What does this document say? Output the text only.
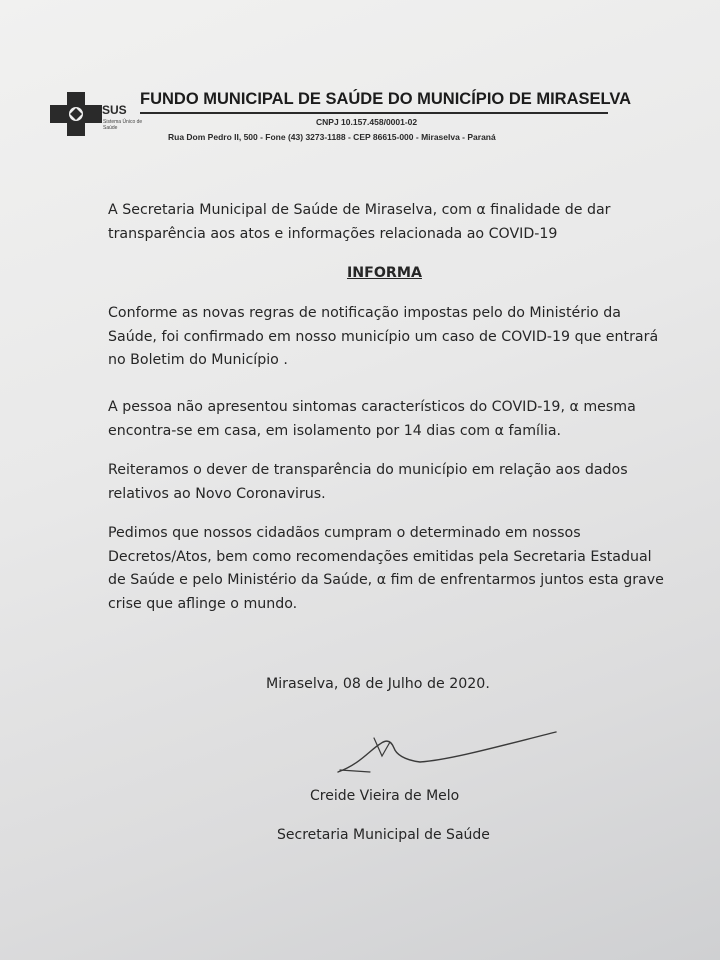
SUS
Sistema Único de Saúde
FUNDO MUNICIPAL DE SAÚDE DO MUNICÍPIO DE MIRASELVA
CNPJ 10.157.458/0001-02
Rua Dom Pedro II, 500 - Fone (43) 3273-1188 - CEP 86615-000 - Miraselva - Paraná
A Secretaria Municipal de Saúde de Miraselva, com α finalidade de dar transparência aos atos e informações relacionada ao COVID-19
INFORMA
Conforme as novas regras de notificação impostas pelo do Ministério da Saúde, foi confirmado em nosso município um caso de COVID-19 que entrará no Boletim do Município .
A pessoa não apresentou sintomas característicos do COVID-19, α mesma encontra-se em casa, em isolamento por 14 dias com α família.
Reiteramos o dever de transparência do município em relação aos dados relativos ao Novo Coronavirus.
Pedimos que nossos cidadãos cumpram o determinado em nossos Decretos/Atos, bem como recomendações emitidas pela Secretaria Estadual de Saúde e pelo Ministério da Saúde, α fim de enfrentarmos juntos esta grave crise que aflinge o mundo.
Miraselva, 08 de Julho de 2020.
Creide Vieira de Melo
Secretaria Municipal de Saúde
